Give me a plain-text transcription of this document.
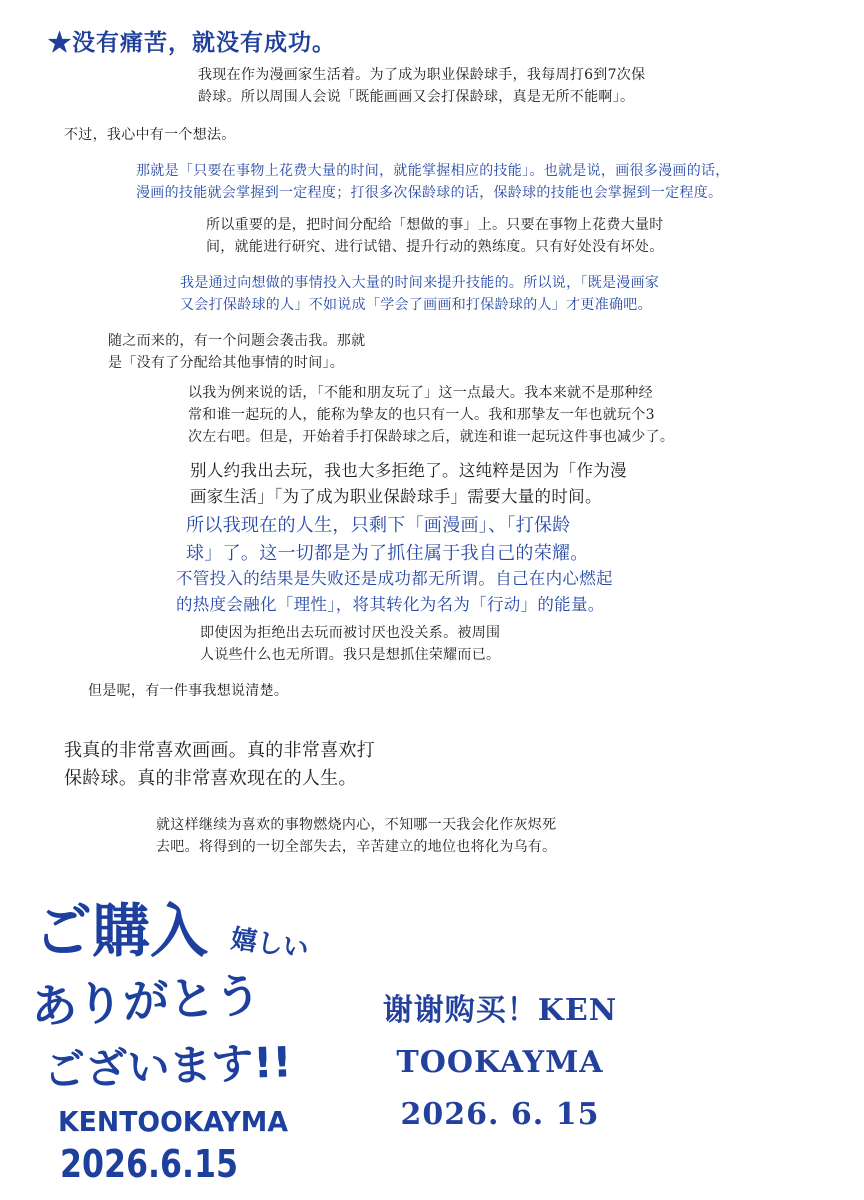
★没有痛苦，就没有成功。

我现在作为漫画家生活着。为了成为职业保龄球手，我每周打6到7次保
龄球。所以周围人会说「既能画画又会打保龄球，真是无所不能啊」。

不过，我心中有一个想法。

那就是「只要在事物上花费大量的时间，就能掌握相应的技能」。也就是说，画很多漫画的话，
漫画的技能就会掌握到一定程度；打很多次保龄球的话，保龄球的技能也会掌握到一定程度。

所以重要的是，把时间分配给「想做的事」上。只要在事物上花费大量时
间，就能进行研究、进行试错、提升行动的熟练度。只有好处没有坏处。

我是通过向想做的事情投入大量的时间来提升技能的。所以说，「既是漫画家
又会打保龄球的人」不如说成「学会了画画和打保龄球的人」才更准确吧。

随之而来的，有一个问题会袭击我。那就
是「没有了分配给其他事情的时间」。

以我为例来说的话，「不能和朋友玩了」这一点最大。我本来就不是那种经
常和谁一起玩的人，能称为挚友的也只有一人。我和那挚友一年也就玩个3
次左右吧。但是，开始着手打保龄球之后，就连和谁一起玩这件事也减少了。

别人约我出去玩，我也大多拒绝了。这纯粹是因为「作为漫
画家生活」「为了成为职业保龄球手」需要大量的时间。

所以我现在的人生，只剩下「画漫画」、「打保龄
球」了。这一切都是为了抓住属于我自己的荣耀。

不管投入的结果是失败还是成功都无所谓。自己在内心燃起
的热度会融化「理性」，将其转化为名为「行动」的能量。

即使因为拒绝出去玩而被讨厌也没关系。被周围
人说些什么也无所谓。我只是想抓住荣耀而已。

但是呢，有一件事我想说清楚。

我真的非常喜欢画画。真的非常喜欢打
保龄球。真的非常喜欢现在的人生。

就这样继续为喜欢的事物燃烧内心，不知哪一天我会化作灰烬死
去吧。将得到的一切全部失去，辛苦建立的地位也将化为乌有。

ご購入 嬉しい
ありがとう
ございます!!
KENTOOKAYMA
2026.6.15
谢谢购买！KEN
TOOKAYMA
2026. 6. 15
